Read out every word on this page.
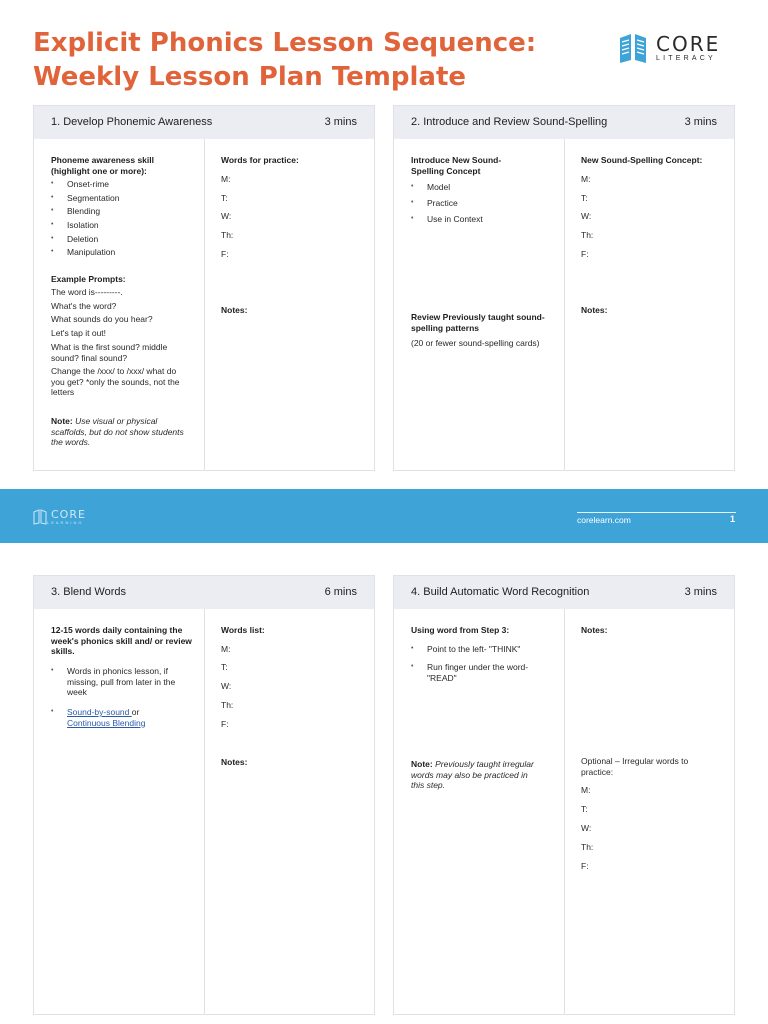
Explicit Phonics Lesson Sequence:
Weekly Lesson Plan Template
CORE
LITERACY
1. Develop Phonemic Awareness	3 mins
Phoneme awareness skill (highlight one or more):
• Onset-rime
• Segmentation
• Blending
• Isolation
• Deletion
• Manipulation
Example Prompts:
The word is---------.
What's the word?
What sounds do you hear?
Let's tap it out!
What is the first sound? middle sound? final sound?
Change the /xxx/ to /xxx/ what do you get? *only the sounds, not the letters
Note: Use visual or physical scaffolds, but do not show students the words.
Words for practice:
M:
T:
W:
Th:
F:
Notes:
2. Introduce and Review Sound-Spelling	3 mins
Introduce New Sound-Spelling Concept
• Model
• Practice
• Use in Context
Review Previously taught sound-spelling patterns
(20 or fewer sound-spelling cards)
New Sound-Spelling Concept:
M:
T:
W:
Th:
F:
Notes:
CORE
LEARNING	corelearn.com	1
3. Blend Words	6 mins
12-15 words daily containing the week's phonics skill and/ or review skills.
• Words in phonics lesson, if missing, pull from later in the week
• Sound-by-sound or
Continuous Blending
Words list:
M:
T:
W:
Th:
F:
Notes:
4. Build Automatic Word Recognition	3 mins
Using word from Step 3:
• Point to the left- "THINK"
• Run finger under the word- "READ"
Note: Previously taught irregular words may also be practiced in this step.
Notes:
Optional – Irregular words to practice:
M:
T:
W:
Th:
F:
